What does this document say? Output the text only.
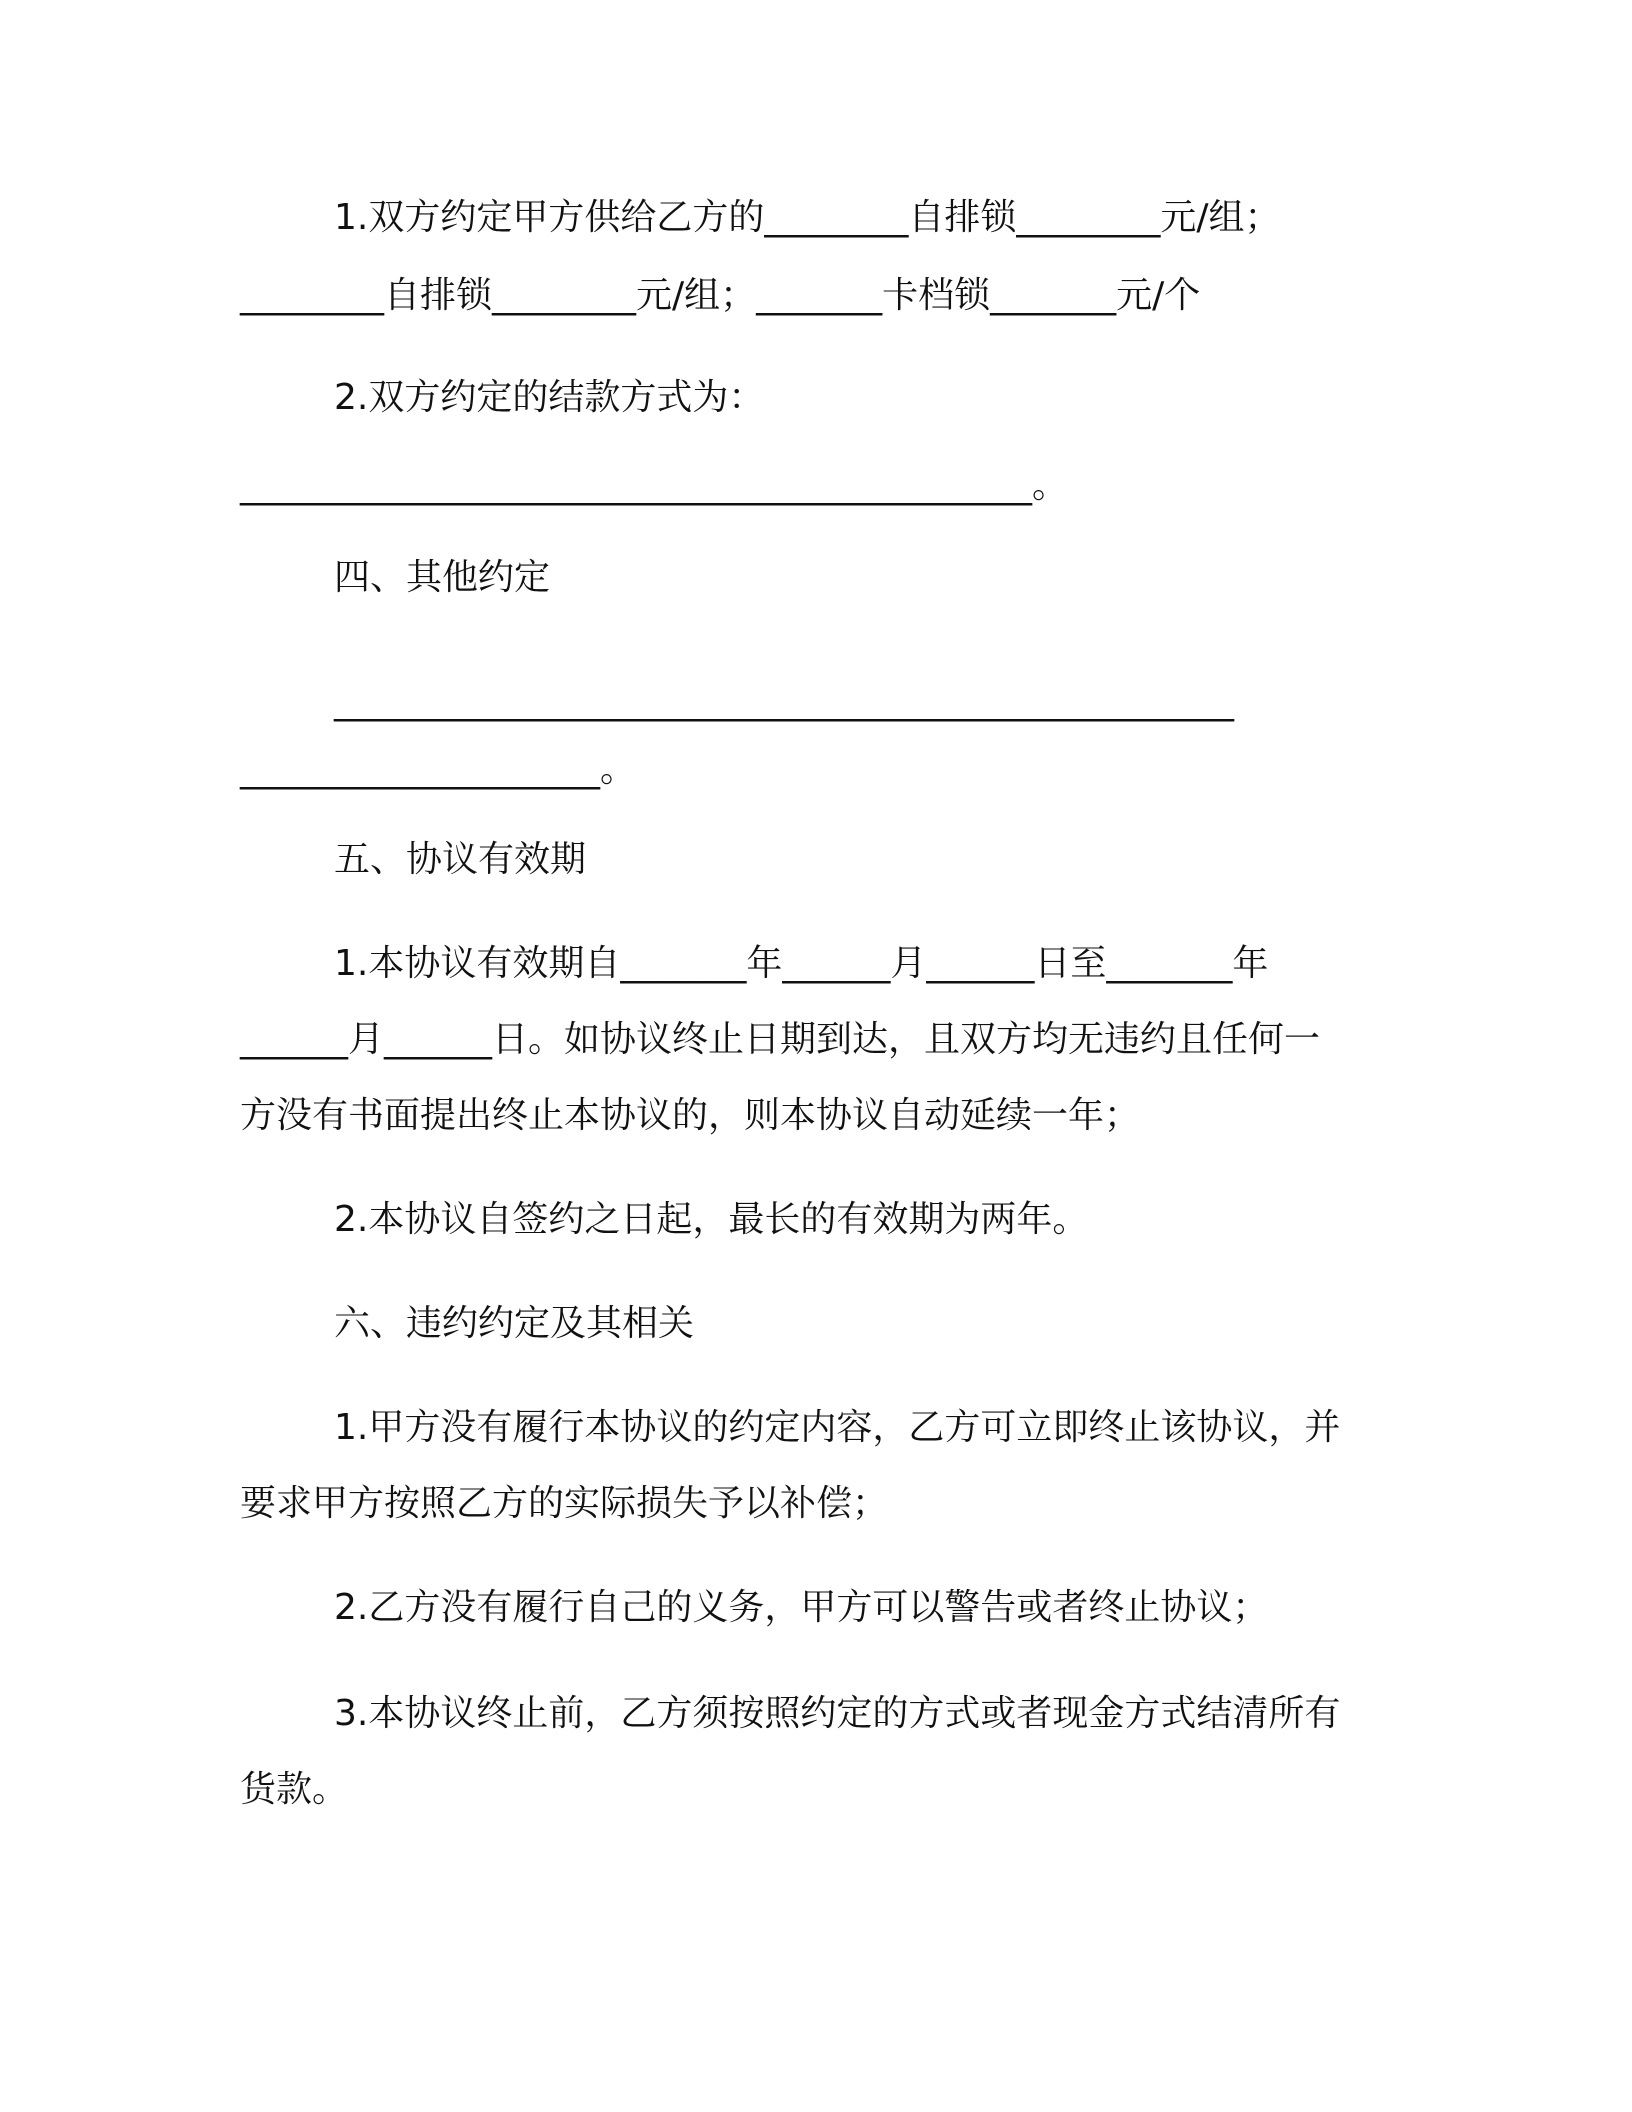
1.双方约定甲方供给乙方的________自排锁________元/组；
________自排锁________元/组；_______卡档锁_______元/个
2.双方约定的结款方式为：
____________________________________________。
四、其他约定
__________________________________________________
____________________。
五、协议有效期
1.本协议有效期自_______年______月______日至_______年
______月______日。如协议终止日期到达，且双方均无违约且任何一
方没有书面提出终止本协议的，则本协议自动延续一年；
2.本协议自签约之日起，最长的有效期为两年。
六、违约约定及其相关
1.甲方没有履行本协议的约定内容，乙方可立即终止该协议，并
要求甲方按照乙方的实际损失予以补偿；
2.乙方没有履行自己的义务，甲方可以警告或者终止协议；
3.本协议终止前，乙方须按照约定的方式或者现金方式结清所有
货款。
